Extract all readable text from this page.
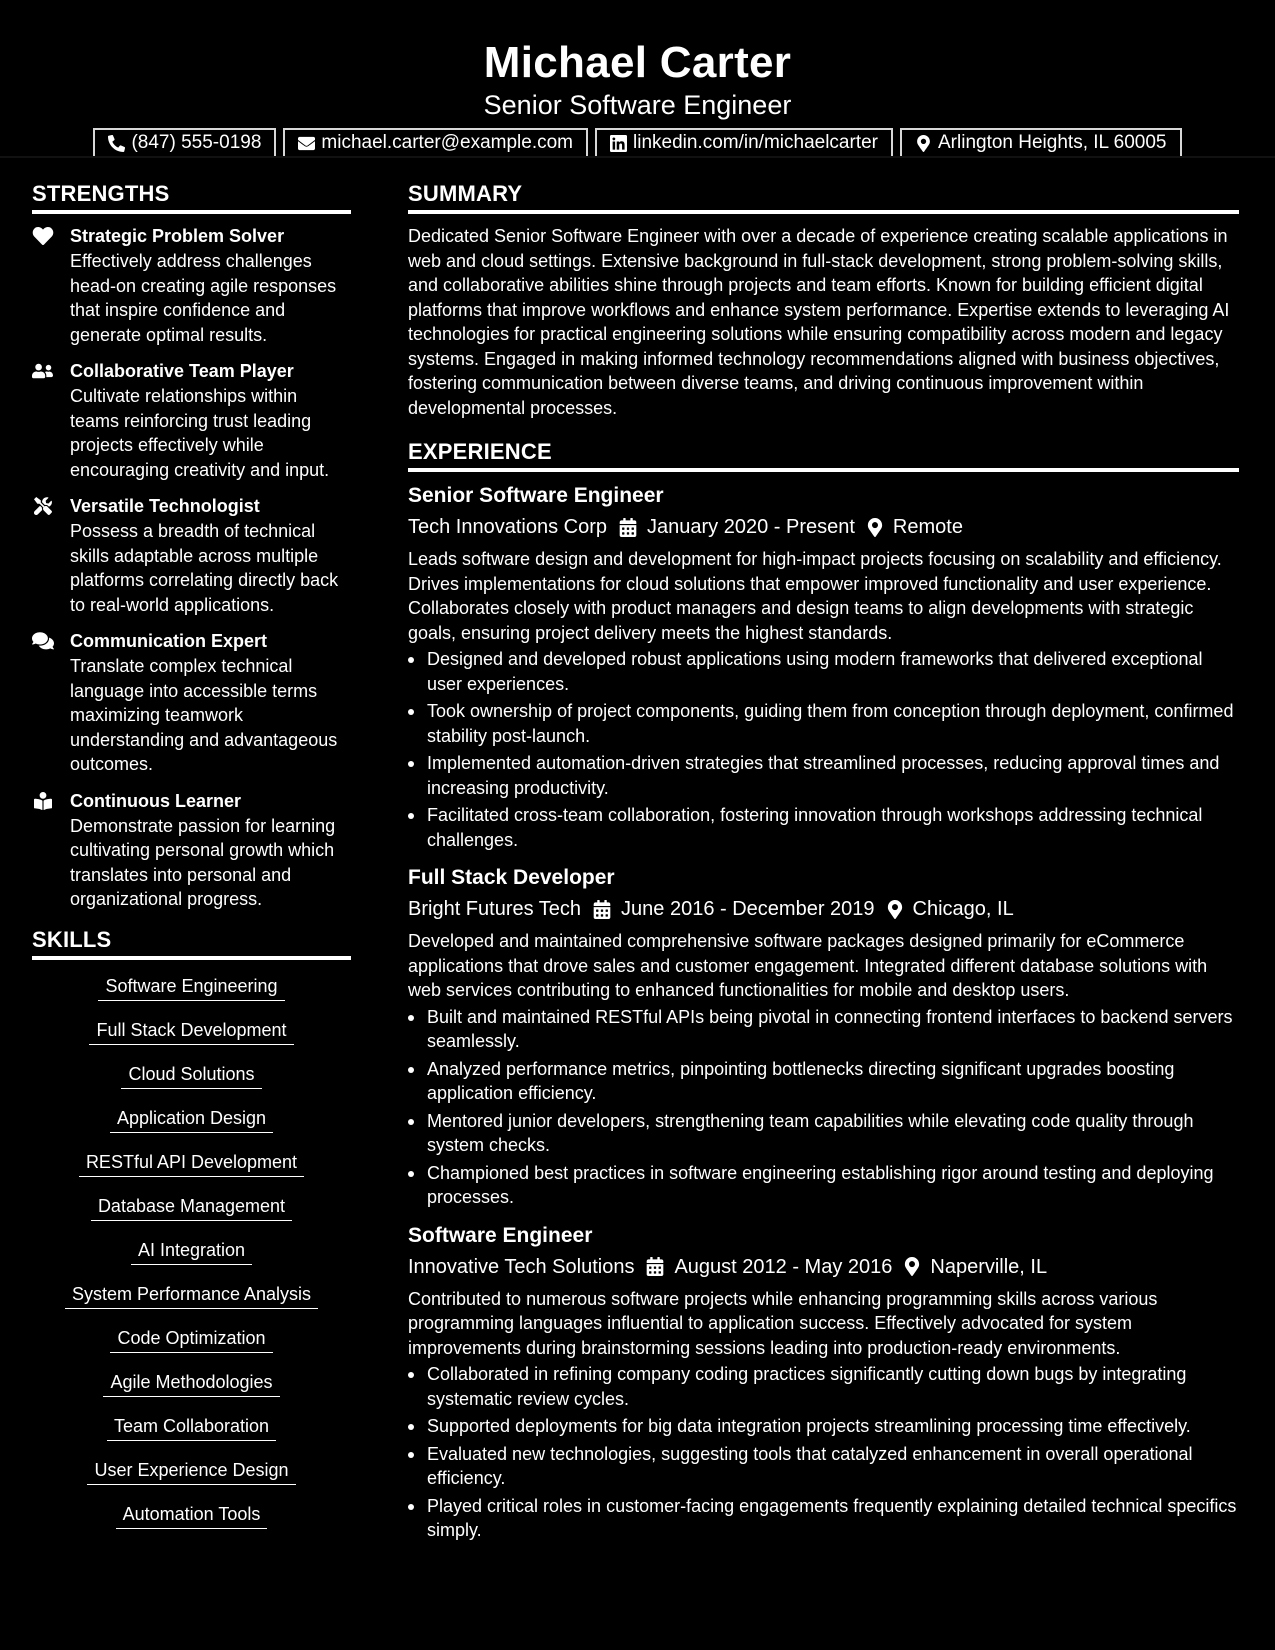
Michael Carter
Senior Software Engineer
(847) 555-0198	michael.carter@example.com	linkedin.com/in/michaelcarter	Arlington Heights, IL 60005
STRENGTHS
Strategic Problem Solver
Effectively address challenges head-on creating agile responses that inspire confidence and generate optimal results.
Collaborative Team Player
Cultivate relationships within teams reinforcing trust leading projects effectively while encouraging creativity and input.
Versatile Technologist
Possess a breadth of technical skills adaptable across multiple platforms correlating directly back to real-world applications.
Communication Expert
Translate complex technical language into accessible terms maximizing teamwork understanding and advantageous outcomes.
Continuous Learner
Demonstrate passion for learning cultivating personal growth which translates into personal and organizational progress.
SKILLS
Software Engineering
Full Stack Development
Cloud Solutions
Application Design
RESTful API Development
Database Management
AI Integration
System Performance Analysis
Code Optimization
Agile Methodologies
Team Collaboration
User Experience Design
Automation Tools
SUMMARY
Dedicated Senior Software Engineer with over a decade of experience creating scalable applications in web and cloud settings. Extensive background in full-stack development, strong problem-solving skills, and collaborative abilities shine through projects and team efforts. Known for building efficient digital platforms that improve workflows and enhance system performance. Expertise extends to leveraging AI technologies for practical engineering solutions while ensuring compatibility across modern and legacy systems. Engaged in making informed technology recommendations aligned with business objectives, fostering communication between diverse teams, and driving continuous improvement within developmental processes.
EXPERIENCE
Senior Software Engineer
Tech Innovations Corp January 2020 - Present Remote
Leads software design and development for high-impact projects focusing on scalability and efficiency. Drives implementations for cloud solutions that empower improved functionality and user experience. Collaborates closely with product managers and design teams to align developments with strategic goals, ensuring project delivery meets the highest standards.
Designed and developed robust applications using modern frameworks that delivered exceptional user experiences.
Took ownership of project components, guiding them from conception through deployment, confirmed stability post-launch.
Implemented automation-driven strategies that streamlined processes, reducing approval times and increasing productivity.
Facilitated cross-team collaboration, fostering innovation through workshops addressing technical challenges.
Full Stack Developer
Bright Futures Tech June 2016 - December 2019 Chicago, IL
Developed and maintained comprehensive software packages designed primarily for eCommerce applications that drove sales and customer engagement. Integrated different database solutions with web services contributing to enhanced functionalities for mobile and desktop users.
Built and maintained RESTful APIs being pivotal in connecting frontend interfaces to backend servers seamlessly.
Analyzed performance metrics, pinpointing bottlenecks directing significant upgrades boosting application efficiency.
Mentored junior developers, strengthening team capabilities while elevating code quality through system checks.
Championed best practices in software engineering establishing rigor around testing and deploying processes.
Software Engineer
Innovative Tech Solutions August 2012 - May 2016 Naperville, IL
Contributed to numerous software projects while enhancing programming skills across various programming languages influential to application success. Effectively advocated for system improvements during brainstorming sessions leading into production-ready environments.
Collaborated in refining company coding practices significantly cutting down bugs by integrating systematic review cycles.
Supported deployments for big data integration projects streamlining processing time effectively.
Evaluated new technologies, suggesting tools that catalyzed enhancement in overall operational efficiency.
Played critical roles in customer-facing engagements frequently explaining detailed technical specifics simply.
